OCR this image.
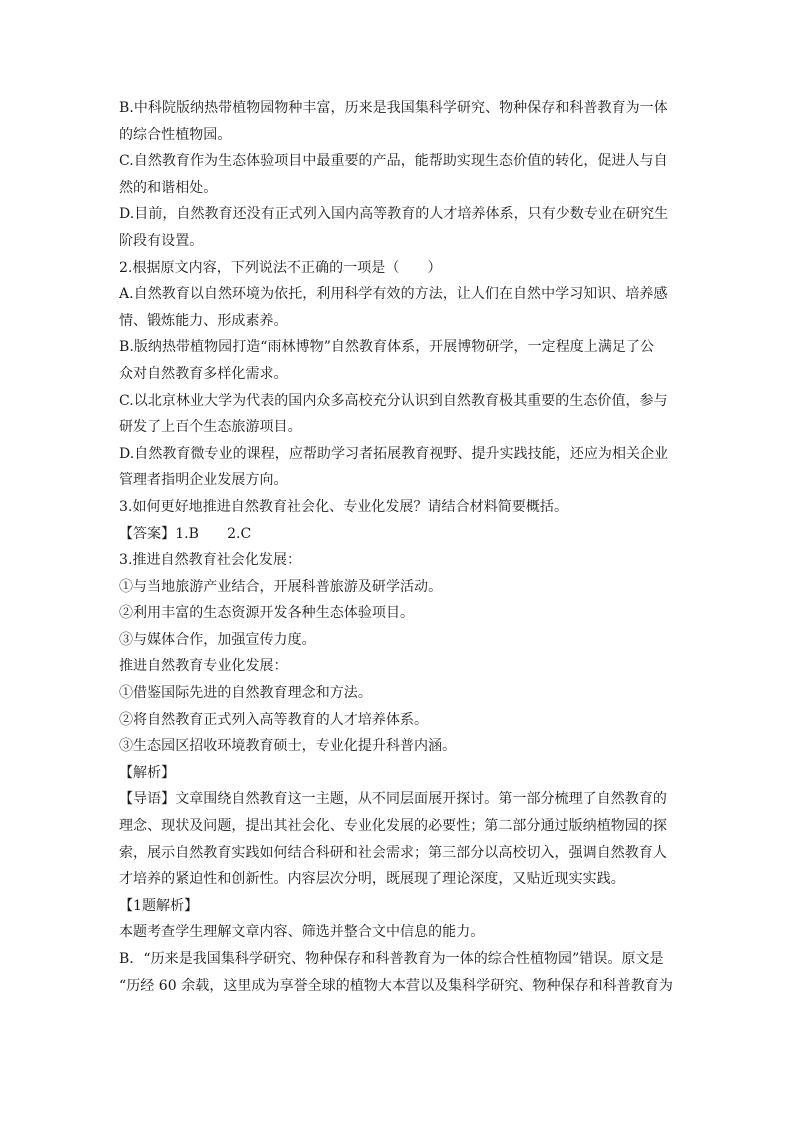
B.中科院版纳热带植物园物种丰富，历来是我国集科学研究、物种保存和科普教育为一体
的综合性植物园。
C.自然教育作为生态体验项目中最重要的产品，能帮助实现生态价值的转化，促进人与自
然的和谐相处。
D.目前，自然教育还没有正式列入国内高等教育的人才培养体系，只有少数专业在研究生
阶段有设置。
2.根据原文内容，下列说法不正确的一项是（　　）
A.自然教育以自然环境为依托，利用科学有效的方法，让人们在自然中学习知识、培养感
情、锻炼能力、形成素养。
B.版纳热带植物园打造“雨林博物”自然教育体系，开展博物研学，一定程度上满足了公
众对自然教育多样化需求。
C.以北京林业大学为代表的国内众多高校充分认识到自然教育极其重要的生态价值，参与
研发了上百个生态旅游项目。
D.自然教育微专业的课程，应帮助学习者拓展教育视野、提升实践技能，还应为相关企业
管理者指明企业发展方向。
3.如何更好地推进自然教育社会化、专业化发展？请结合材料简要概括。
【答案】1.B　　2.C
3.推进自然教育社会化发展：
①与当地旅游产业结合，开展科普旅游及研学活动。
②利用丰富的生态资源开发各种生态体验项目。
③与媒体合作，加强宣传力度。
推进自然教育专业化发展：
①借鉴国际先进的自然教育理念和方法。
②将自然教育正式列入高等教育的人才培养体系。
③生态园区招收环境教育硕士，专业化提升科普内涵。
【解析】
【导语】文章围绕自然教育这一主题，从不同层面展开探讨。第一部分梳理了自然教育的
理念、现状及问题，提出其社会化、专业化发展的必要性；第二部分通过版纳植物园的探
索，展示自然教育实践如何结合科研和社会需求；第三部分以高校切入，强调自然教育人
才培养的紧迫性和创新性。内容层次分明，既展现了理论深度，又贴近现实实践。
【1题解析】
本题考查学生理解文章内容、筛选并整合文中信息的能力。
B．“历来是我国集科学研究、物种保存和科普教育为一体的综合性植物园”错误。原文是
“历经 60 余载，这里成为享誉全球的植物大本营以及集科学研究、物种保存和科普教育为
